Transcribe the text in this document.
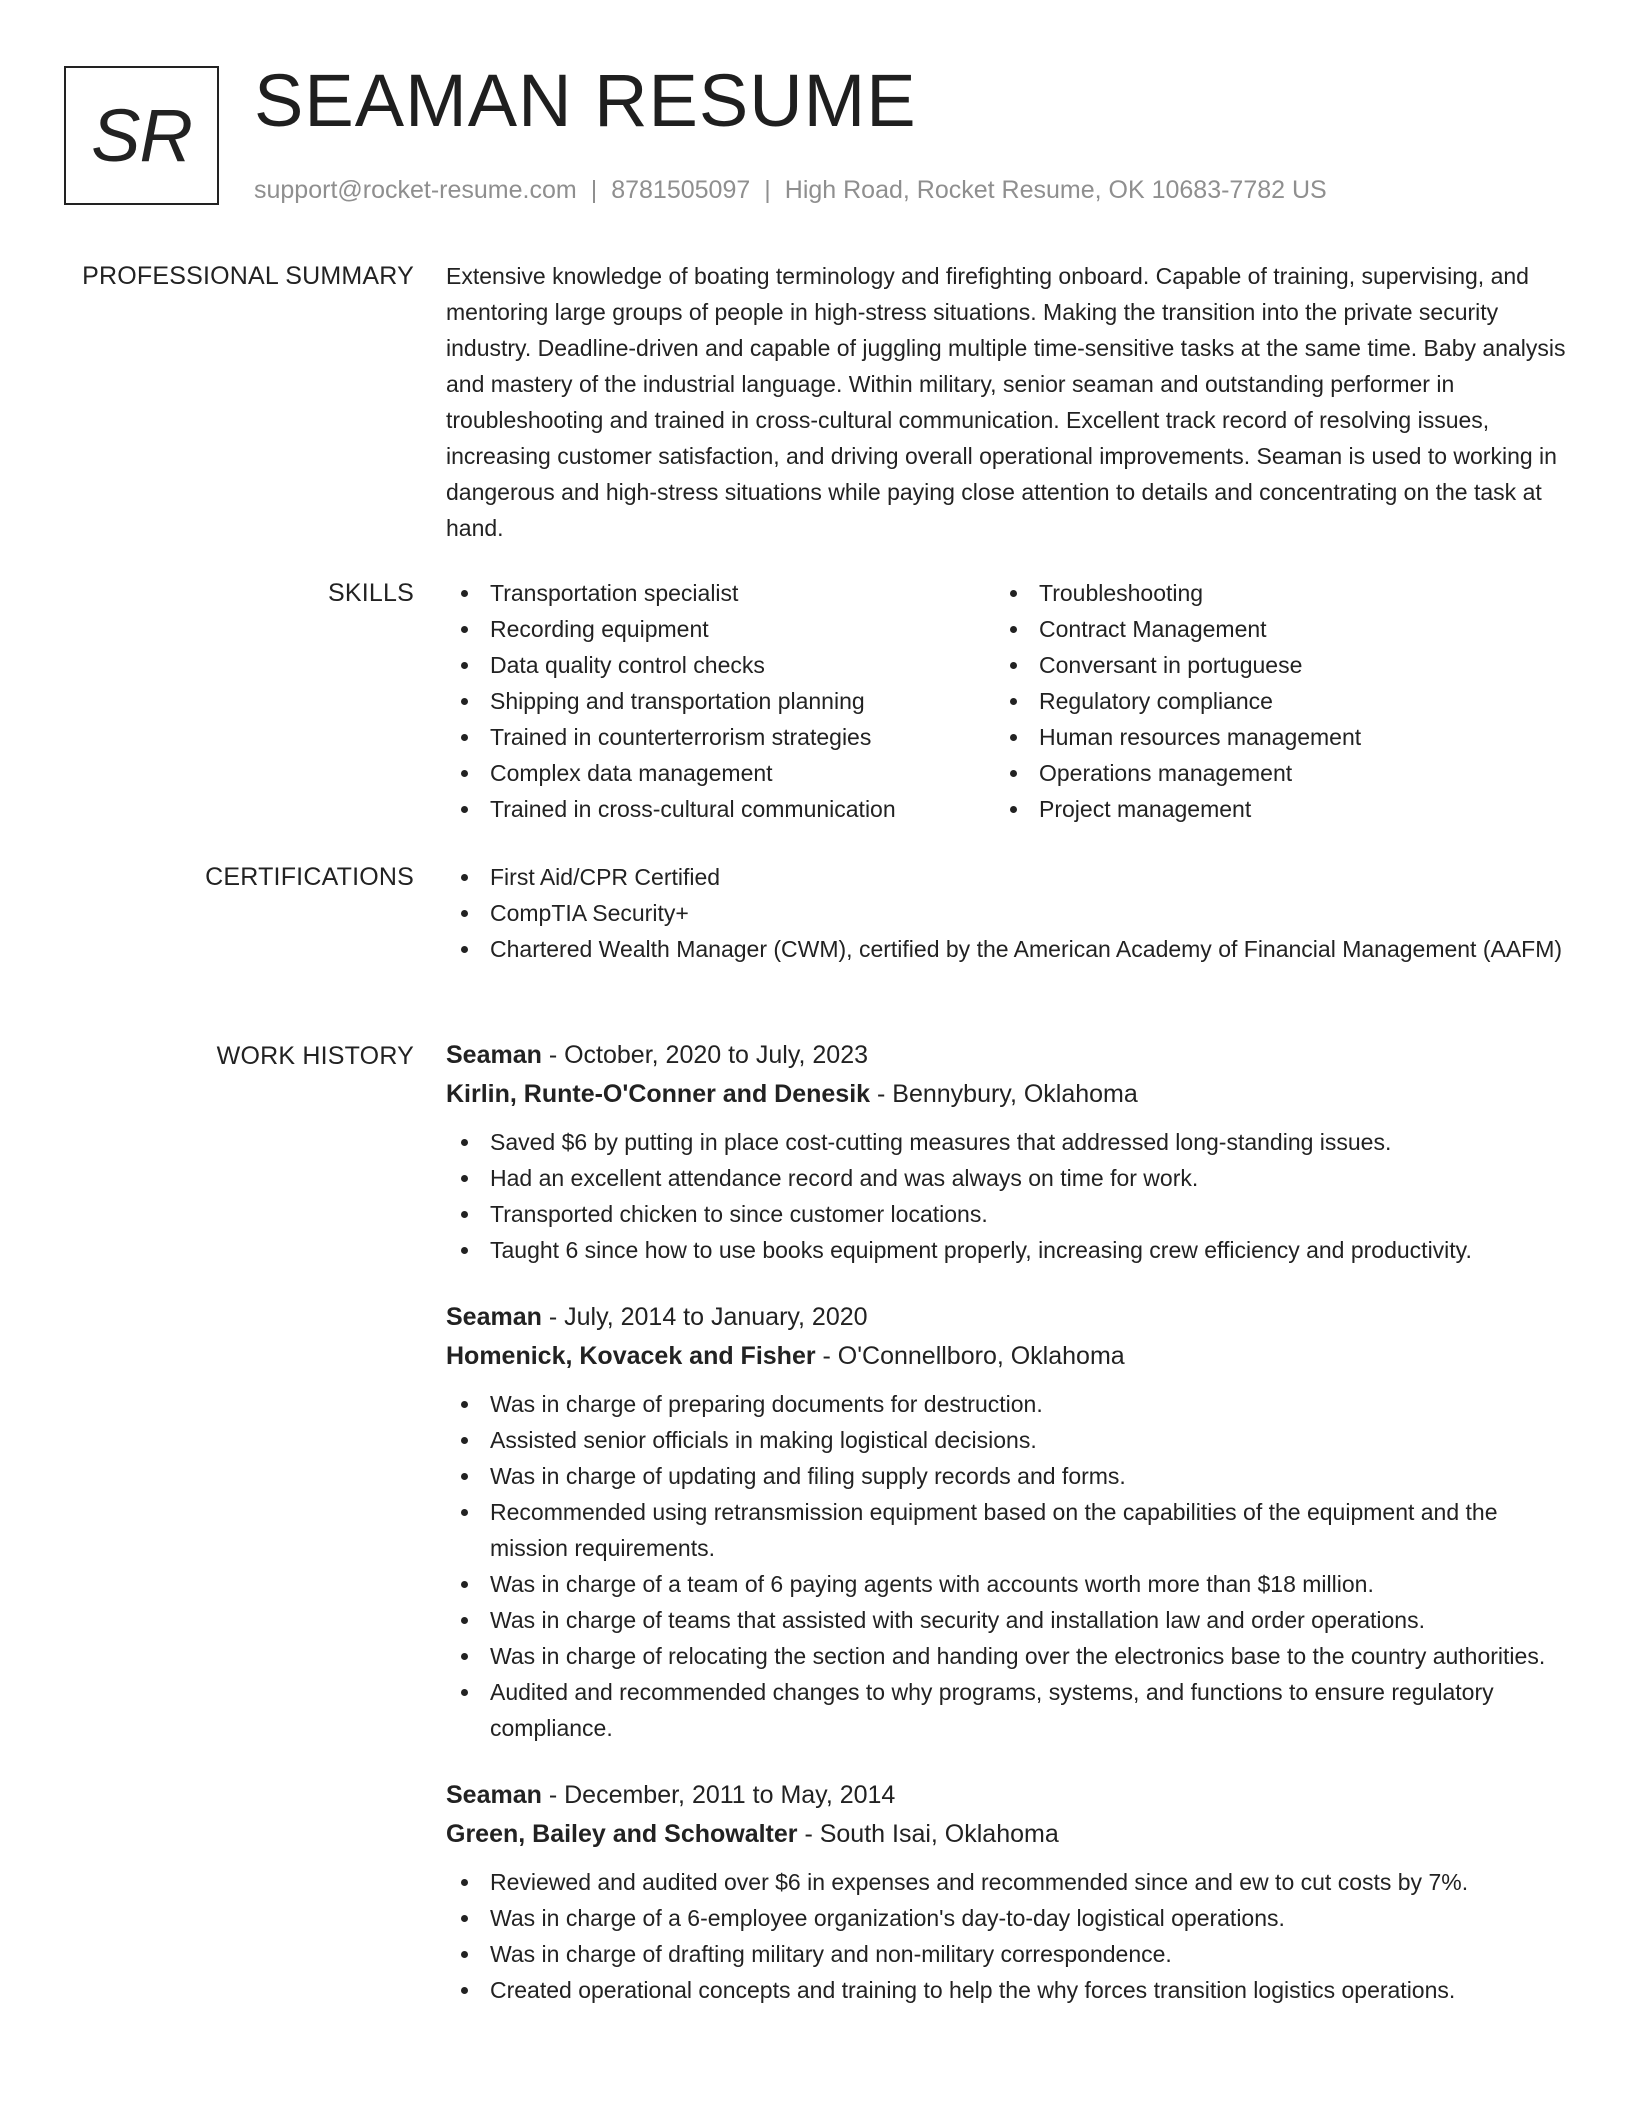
SR SEAMAN RESUME
support@rocket-resume.com | 8781505097 | High Road, Rocket Resume, OK 10683-7782 US
PROFESSIONAL SUMMARY Extensive knowledge of boating terminology and firefighting onboard. Capable of training, supervising, and mentoring large groups of people in high-stress situations. Making the transition into the private security industry. Deadline-driven and capable of juggling multiple time-sensitive tasks at the same time. Baby analysis and mastery of the industrial language. Within military, senior seaman and outstanding performer in troubleshooting and trained in cross-cultural communication. Excellent track record of resolving issues, increasing customer satisfaction, and driving overall operational improvements. Seaman is used to working in dangerous and high-stress situations while paying close attention to details and concentrating on the task at hand.

SKILLS	Transportation specialist
Recording equipment
Data quality control checks
Shipping and transportation planning
Trained in counterterrorism strategies
Complex data management
Trained in cross-cultural communication
Troubleshooting
Contract Management
Conversant in portuguese
Regulatory compliance
Human resources management
Operations management
Project management
CERTIFICATIONS	First Aid/CPR Certified
CompTIA Security+
Chartered Wealth Manager (CWM), certified by the American Academy of Financial Management (AAFM)
WORK HISTORY Seaman - October, 2020 to July, 2023
Kirlin, Runte-O'Conner and Denesik - Bennybury, Oklahoma
Saved $6 by putting in place cost-cutting measures that addressed long-standing issues.
Had an excellent attendance record and was always on time for work.
Transported chicken to since customer locations.
Taught 6 since how to use books equipment properly, increasing crew efficiency and productivity.
Seaman - July, 2014 to January, 2020
Homenick, Kovacek and Fisher - O'Connellboro, Oklahoma
Was in charge of preparing documents for destruction.
Assisted senior officials in making logistical decisions.
Was in charge of updating and filing supply records and forms.
Recommended using retransmission equipment based on the capabilities of the equipment and the mission requirements.
Was in charge of a team of 6 paying agents with accounts worth more than $18 million.
Was in charge of teams that assisted with security and installation law and order operations.
Was in charge of relocating the section and handing over the electronics base to the country authorities.
Audited and recommended changes to why programs, systems, and functions to ensure regulatory compliance.
Seaman - December, 2011 to May, 2014
Green, Bailey and Schowalter - South Isai, Oklahoma
Reviewed and audited over $6 in expenses and recommended since and ew to cut costs by 7%.
Was in charge of a 6-employee organization's day-to-day logistical operations.
Was in charge of drafting military and non-military correspondence.
Created operational concepts and training to help the why forces transition logistics operations.
